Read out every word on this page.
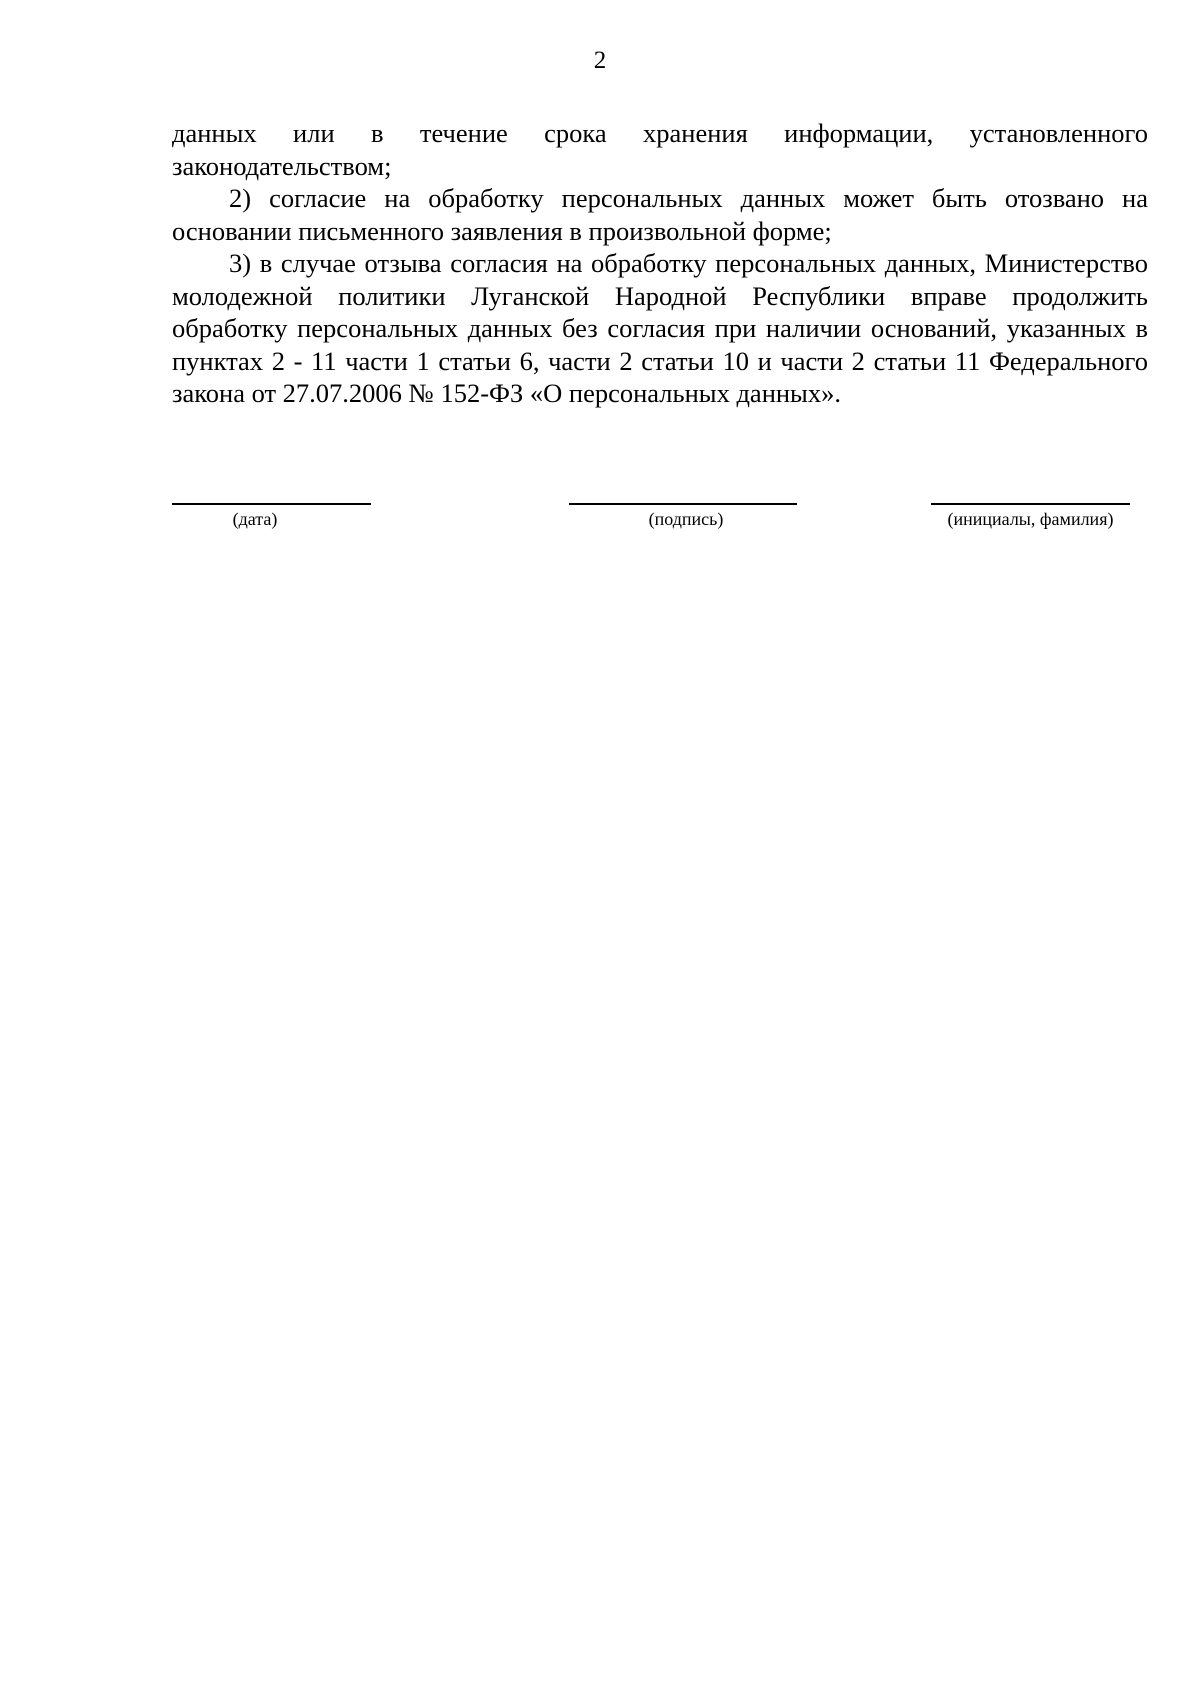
2

данных или в течение срока хранения информации, установленного законодательством;

2) согласие на обработку персональных данных может быть отозвано на основании письменного заявления в произвольной форме;

3) в случае отзыва согласия на обработку персональных данных, Министерство молодежной политики Луганской Народной Республики вправе продолжить обработку персональных данных без согласия при наличии оснований, указанных в пунктах 2 - 11 части 1 статьи 6, части 2 статьи 10 и части 2 статьи 11 Федерального закона от 27.07.2006 № 152-ФЗ «О персональных данных».

(дата)	(подпись)	(инициалы, фамилия)
